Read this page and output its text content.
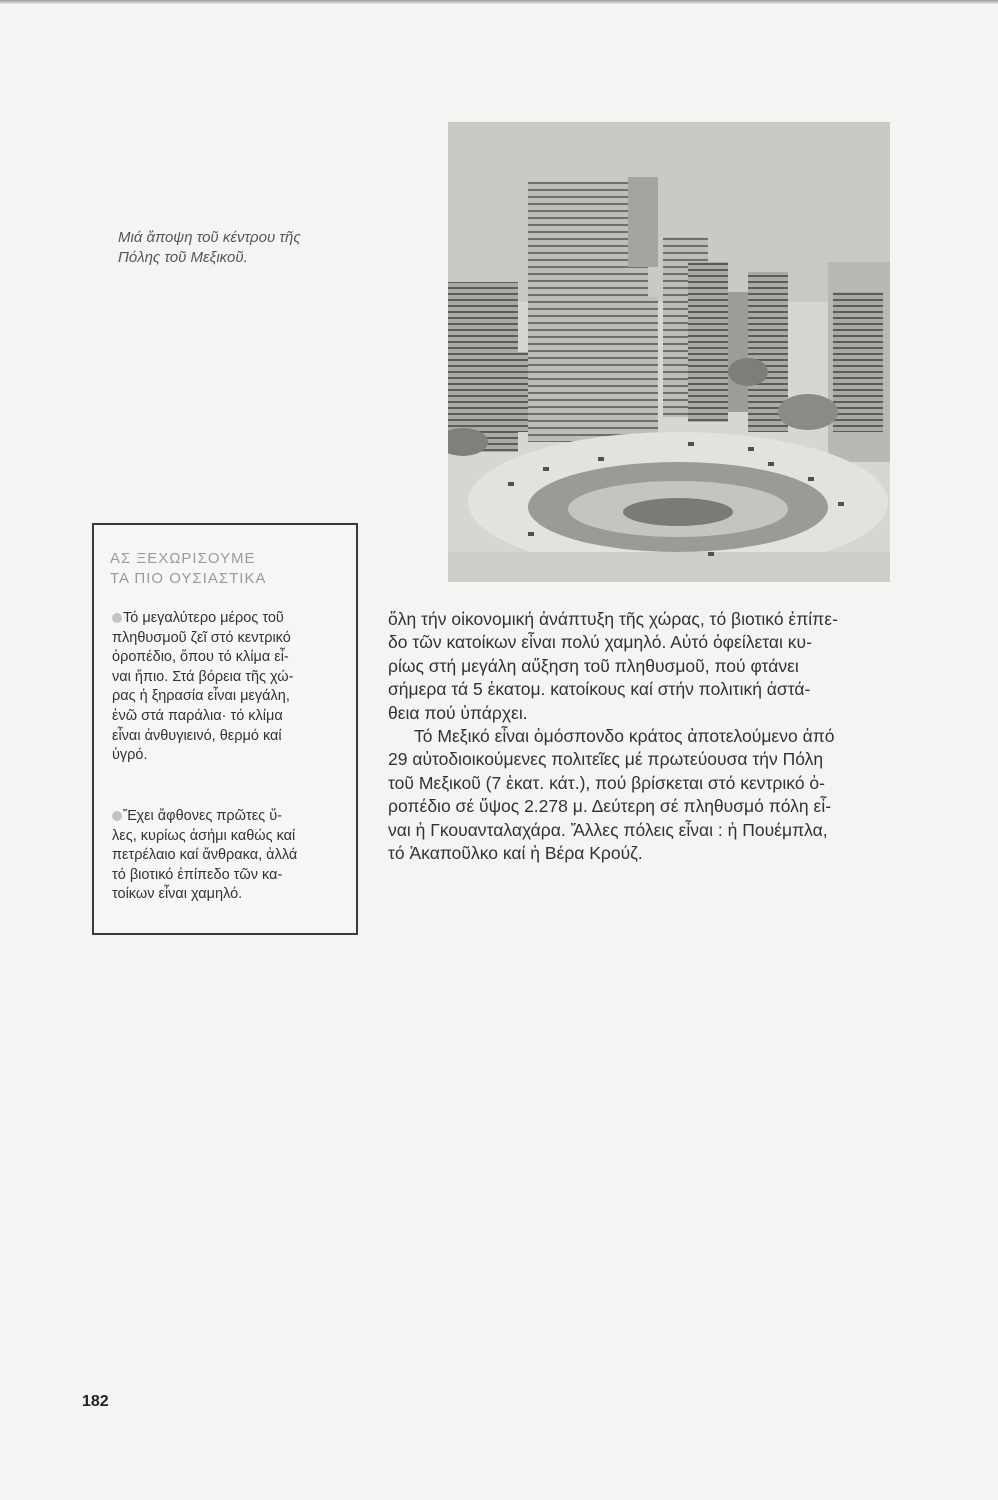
Μιά ἄποψη τοῦ κέντρου τῆς
Πόλης τοῦ Μεξικοῦ.
ΑΣ ΞΕΧΩΡΙΣΟΥΜΕ
ΤΑ ΠΙΟ ΟΥΣΙΑΣΤΙΚΑ
Τό μεγαλύτερο μέρος τοῦ
πληθυσμοῦ ζεῖ στό κεντρικό
ὀροπέδιο, ὅπου τό κλίμα εἶ-
ναι ἤπιο. Στά βόρεια τῆς χώ-
ρας ἡ ξηρασία εἶναι μεγάλη,
ἐνῶ στά παράλια· τό κλίμα
εἶναι ἀνθυγιεινό, θερμό καί
ὑγρό.
Ἔχει ἄφθονες πρῶτες ὕ-
λες, κυρίως ἀσήμι καθώς καί
πετρέλαιο καί ἄνθρακα, ἀλλά
τό βιοτικό ἐπίπεδο τῶν κα-
τοίκων εἶναι χαμηλό.
ὅλη τήν οἰκονομική ἀνάπτυξη τῆς χώρας, τό βιοτικό ἐπίπε-
δο τῶν κατοίκων εἶναι πολύ χαμηλό. Αὐτό ὀφείλεται κυ-
ρίως στή μεγάλη αὔξηση τοῦ πληθυσμοῦ, πού φτάνει
σήμερα τά 5 ἑκατομ. κατοίκους καί στήν πολιτική ἀστά-
θεια πού ὑπάρχει.
Τό Μεξικό εἶναι ὁμόσπονδο κράτος ἀποτελούμενο ἀπό
29 αὐτοδιοικούμενες πολιτεῖες μέ πρωτεύουσα τήν Πόλη
τοῦ Μεξικοῦ (7 ἑκατ. κάτ.), πού βρίσκεται στό κεντρικό ὀ-
ροπέδιο σέ ὕψος 2.278 μ. Δεύτερη σέ πληθυσμό πόλη εἶ-
ναι ἡ Γκουανταλαχάρα. Ἄλλες πόλεις εἶναι : ἡ Πουέμπλα,
τό Ἀκαποῦλκο καί ἡ Βέρα Κρούζ.
182
